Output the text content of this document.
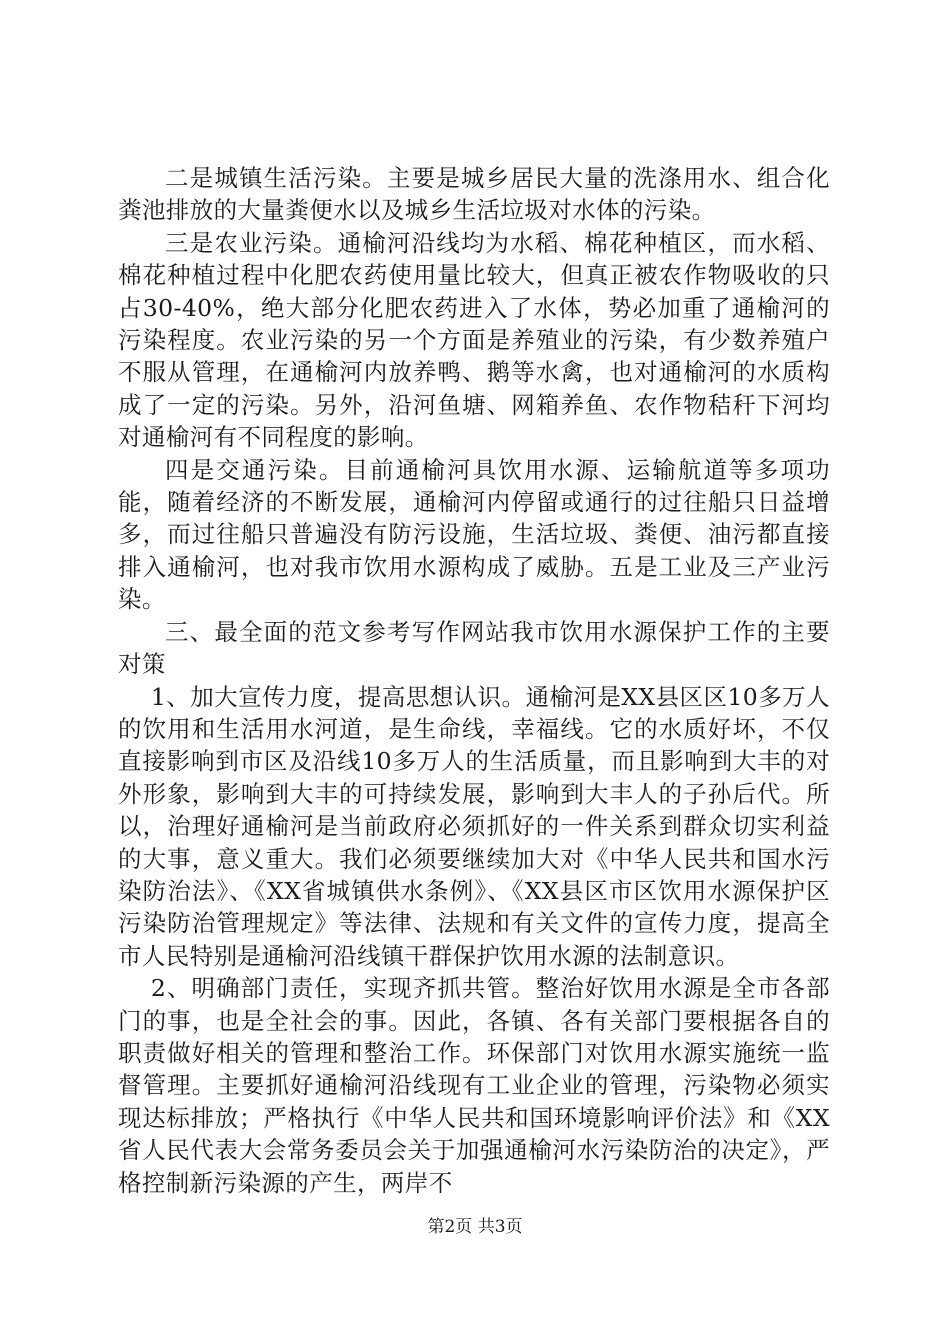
二是城镇生活污染。主要是城乡居民大量的洗涤用水、组合化粪池排放的大量粪便水以及城乡生活垃圾对水体的污染。

三是农业污染。通榆河沿线均为水稻、棉花种植区，而水稻、棉花种植过程中化肥农药使用量比较大，但真正被农作物吸收的只占30-40%，绝大部分化肥农药进入了水体，势必加重了通榆河的污染程度。农业污染的另一个方面是养殖业的污染，有少数养殖户不服从管理，在通榆河内放养鸭、鹅等水禽，也对通榆河的水质构成了一定的污染。另外，沿河鱼塘、网箱养鱼、农作物秸秆下河均对通榆河有不同程度的影响。

四是交通污染。目前通榆河具饮用水源、运输航道等多项功能，随着经济的不断发展，通榆河内停留或通行的过往船只日益增多，而过往船只普遍没有防污设施，生活垃圾、粪便、油污都直接排入通榆河，也对我市饮用水源构成了威胁。五是工业及三产业污染。

三、最全面的范文参考写作网站我市饮用水源保护工作的主要对策

1、加大宣传力度，提高思想认识。通榆河是XX县区区10多万人的饮用和生活用水河道，是生命线，幸福线。它的水质好坏，不仅直接影响到市区及沿线10多万人的生活质量，而且影响到大丰的对外形象，影响到大丰的可持续发展，影响到大丰人的子孙后代。所以，治理好通榆河是当前政府必须抓好的一件关系到群众切实利益的大事，意义重大。我们必须要继续加大对《中华人民共和国水污染防治法》、《XX省城镇供水条例》、《XX县区市区饮用水源保护区污染防治管理规定》等法律、法规和有关文件的宣传力度，提高全市人民特别是通榆河沿线镇干群保护饮用水源的法制意识。

2、明确部门责任，实现齐抓共管。整治好饮用水源是全市各部门的事，也是全社会的事。因此，各镇、各有关部门要根据各自的职责做好相关的管理和整治工作。环保部门对饮用水源实施统一监督管理。主要抓好通榆河沿线现有工业企业的管理，污染物必须实现达标排放；严格执行《中华人民共和国环境影响评价法》和《XX省人民代表大会常务委员会关于加强通榆河水污染防治的决定》，严格控制新污染源的产生，两岸不

第2页 共3页
